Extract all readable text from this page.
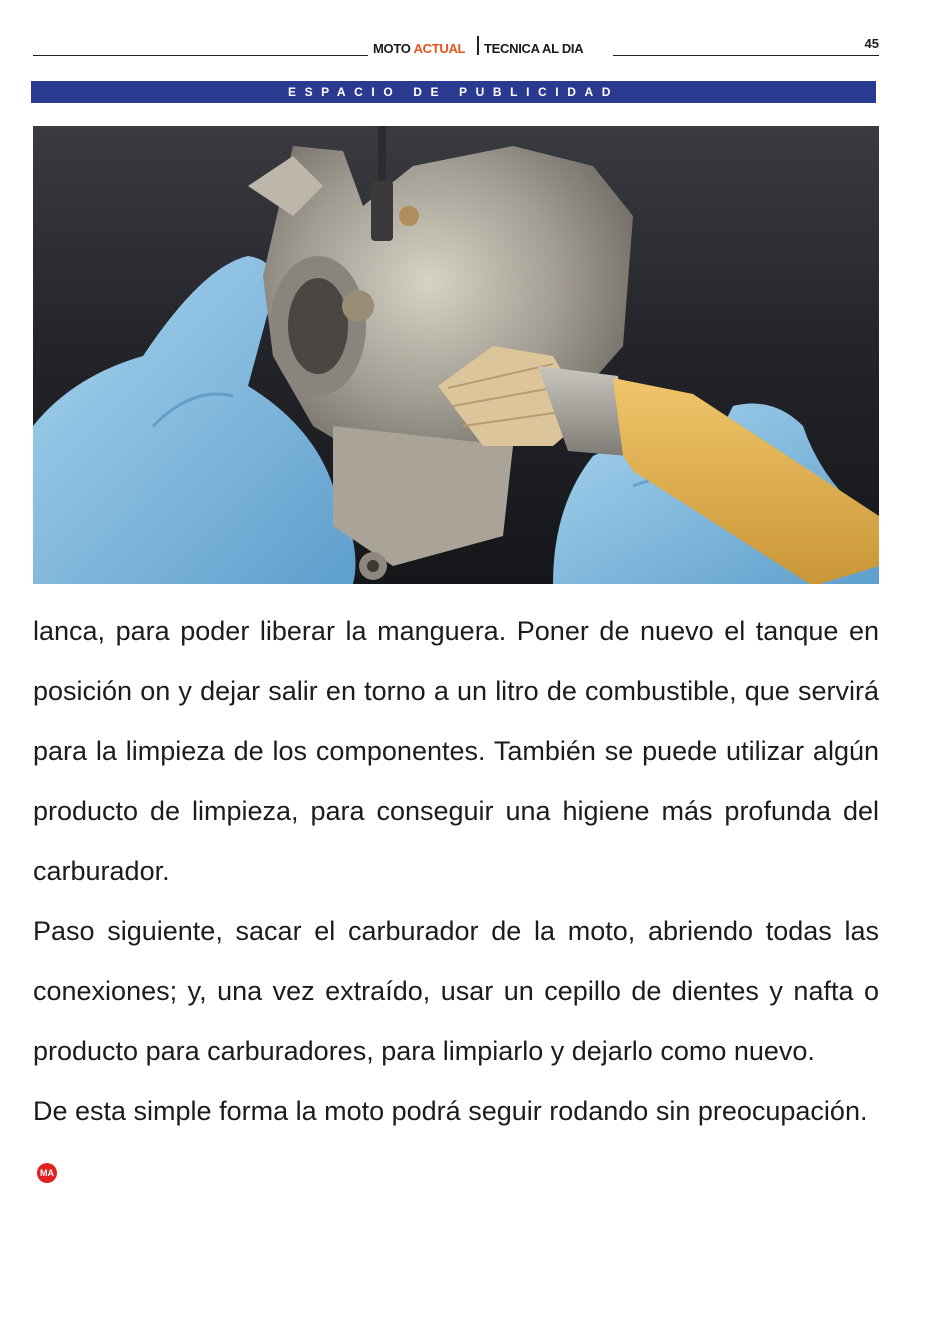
MOTO ACTUAL TECNICA AL DIA	45
ESPACIO DE PUBLICIDAD

lanca, para poder liberar la manguera. Poner de nuevo el tanque en posición on y dejar salir en torno a un litro de combustible, que servirá para la limpieza de los componentes. También se puede utilizar algún producto de limpieza, para conseguir una higiene más profunda del carburador.

Paso siguiente, sacar el carburador de la moto, abriendo todas las conexiones; y, una vez extraído, usar un cepillo de dientes y nafta o producto para carburadores, para limpiarlo y dejarlo como nuevo.

De esta simple forma la moto podrá seguir rodando sin preocupación.MA
